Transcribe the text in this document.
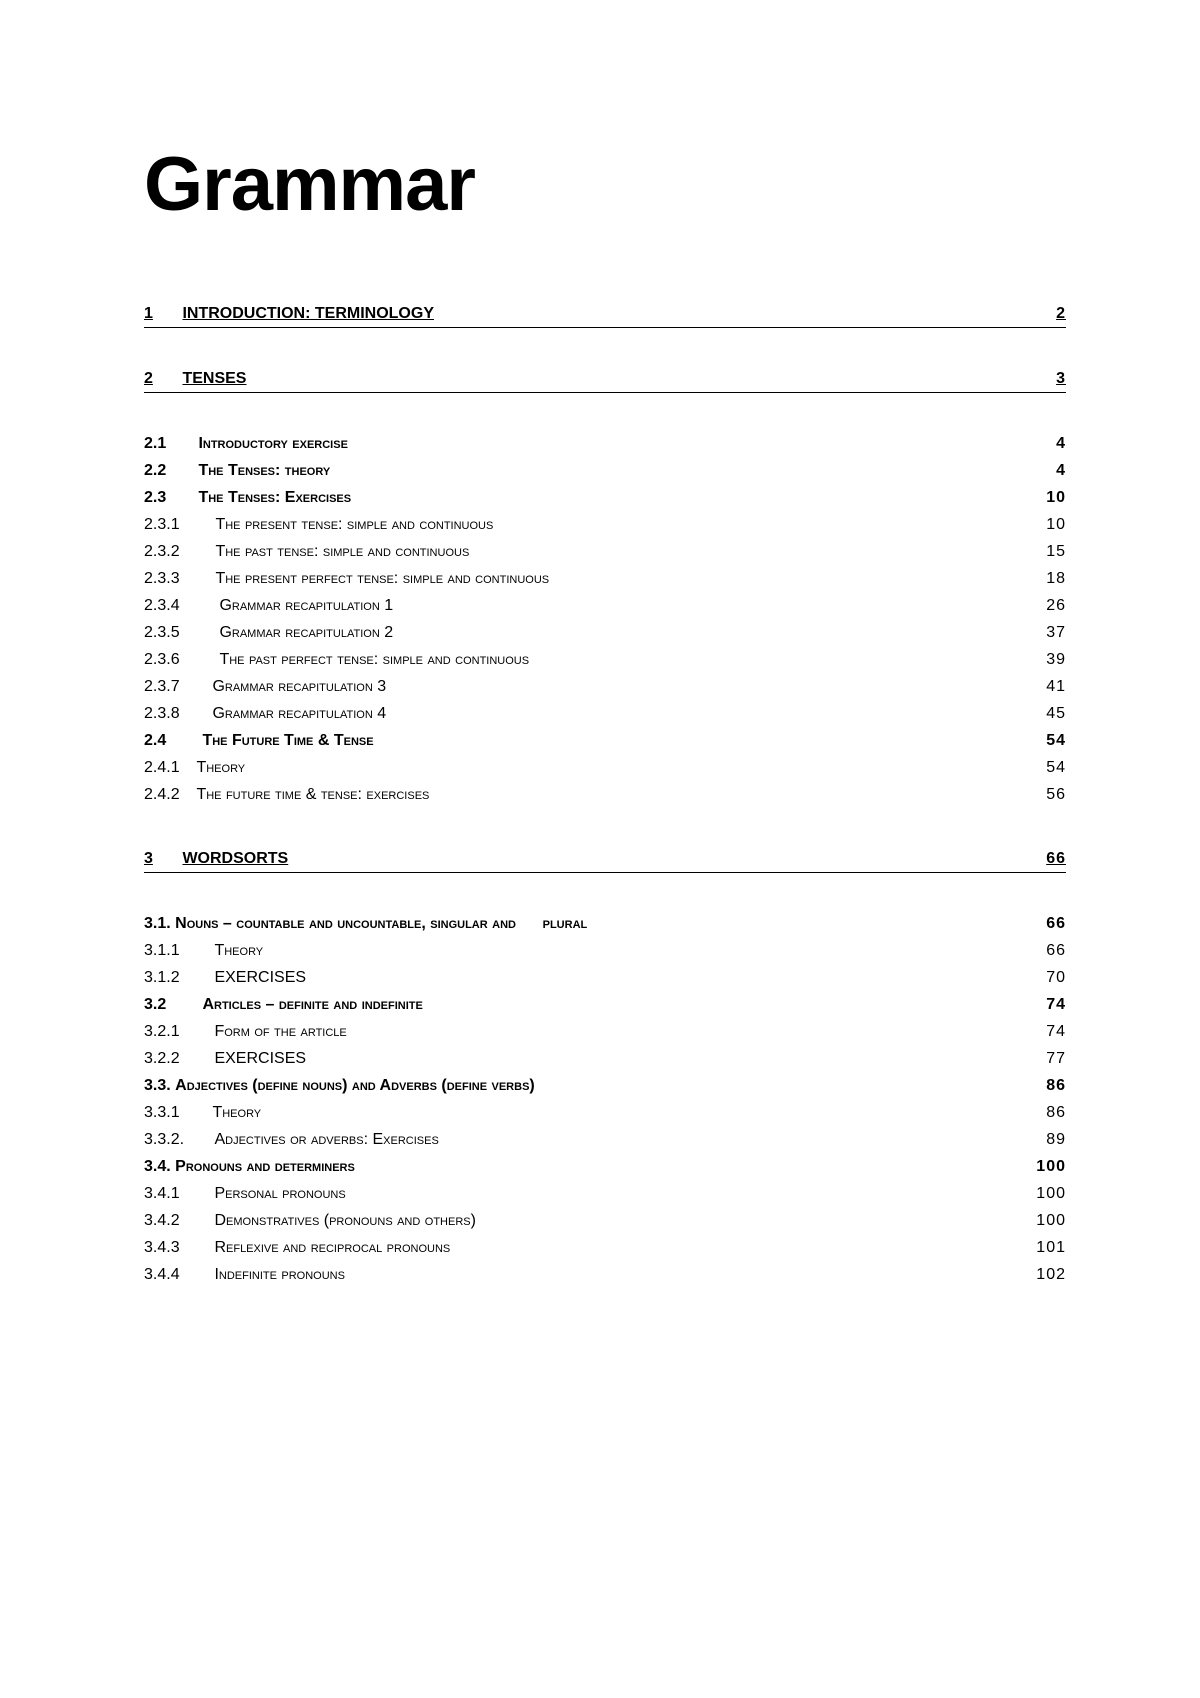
Grammar
1 INTRODUCTION: TERMINOLOGY	2
2 TENSES	3
2.1 Introductory exercise	4
2.2 The Tenses: theory	4
2.3 The Tenses: Exercises	10
2.3.1 The present tense: simple and continuous	10
2.3.2 The past tense: simple and continuous	15
2.3.3 The present perfect tense: simple and continuous	18
2.3.4 Grammar recapitulation 1	26
2.3.5 Grammar recapitulation 2	37
2.3.6 The past perfect tense: simple and continuous	39
2.3.7 Grammar recapitulation 3	41
2.3.8 Grammar recapitulation 4	45
2.4 The Future Time & Tense	54
2.4.1 Theory	54
2.4.2 The future time & tense: exercises	56
3 WORDSORTS	66
3.1. Nouns – countable and uncountable, singular and      plural	66
3.1.1 Theory	66
3.1.2 EXERCISES	70
3.2 Articles – definite and indefinite	74
3.2.1 Form of the article	74
3.2.2 EXERCISES	77
3.3. Adjectives (define nouns) and Adverbs (define verbs)	86
3.3.1 Theory	86
3.3.2. Adjectives or adverbs: Exercises	89
3.4. Pronouns and determiners	100
3.4.1 Personal pronouns	100
3.4.2 Demonstratives (pronouns and others)	100
3.4.3 Reflexive and reciprocal pronouns	101
3.4.4 Indefinite pronouns	102
